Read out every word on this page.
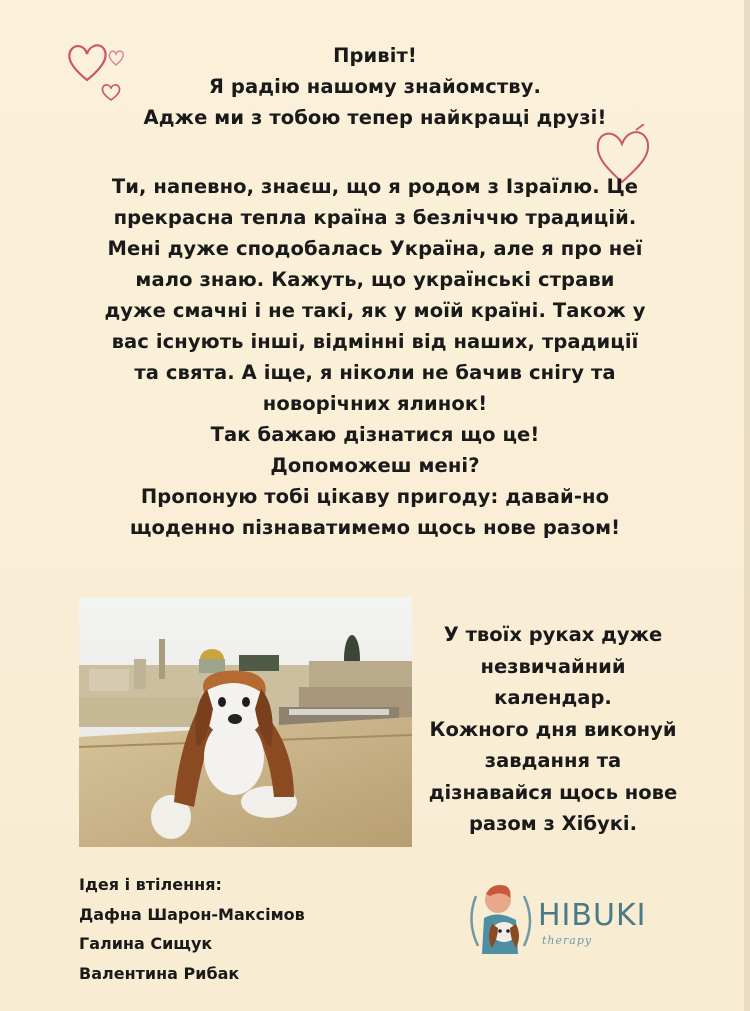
Привіт!

Я радію нашому знайомству.

Адже ми з тобою тепер найкращі друзі!

Ти, напевно, знаєш, що я родом з Ізраїлю. Це

прекрасна тепла країна з безліччю традицій.

Мені дуже сподобалась Україна, але я про неї

мало знаю. Кажуть, що українські страви

дуже смачні і не такі, як у моїй країні. Також у

вас існують інші, відмінні від наших, традиції

та свята. А іще, я ніколи не бачив снігу та

новорічних ялинок!

Так бажаю дізнатися що це!

Допоможеш мені?

Пропоную тобі цікаву пригоду: давай-но

щоденно пізнаватимемо щось нове разом!

У твоїх руках дуже

незвичайний

календар.

Кожного дня виконуй

завдання та

дізнавайся щось нове

разом з Хібукі.

Ідея і втілення:

Дафна Шарон-Максімов

Галина Сищук

Валентина Рибак

HIBUKI
therapy
